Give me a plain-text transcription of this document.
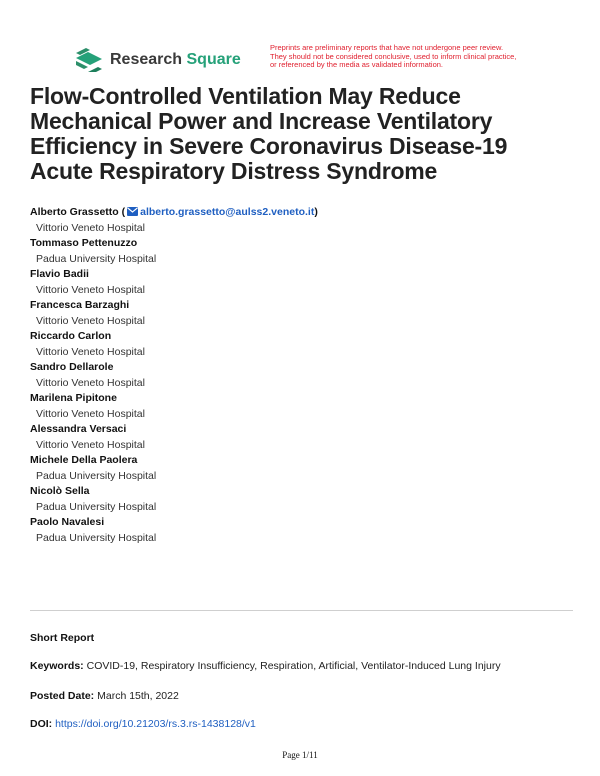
Research Square
Preprints are preliminary reports that have not undergone peer review.
They should not be considered conclusive, used to inform clinical practice,
or referenced by the media as validated information.
Flow-Controlled Ventilation May Reduce Mechanical Power and Increase Ventilatory Efficiency in Severe Coronavirus Disease-19 Acute Respiratory Distress Syndrome
Alberto Grassetto ( alberto.grassetto@aulss2.veneto.it)
Vittorio Veneto Hospital
Tommaso Pettenuzzo
Padua University Hospital
Flavio Badii
Vittorio Veneto Hospital
Francesca Barzaghi
Vittorio Veneto Hospital
Riccardo Carlon
Vittorio Veneto Hospital
Sandro Dellarole
Vittorio Veneto Hospital
Marilena Pipitone
Vittorio Veneto Hospital
Alessandra Versaci
Vittorio Veneto Hospital
Michele Della Paolera
Padua University Hospital
Nicolò Sella
Padua University Hospital
Paolo Navalesi
Padua University Hospital
Short Report
Keywords: COVID-19, Respiratory Insufficiency, Respiration, Artificial, Ventilator-Induced Lung Injury
Posted Date: March 15th, 2022
DOI: https://doi.org/10.21203/rs.3.rs-1438128/v1
Page 1/11
